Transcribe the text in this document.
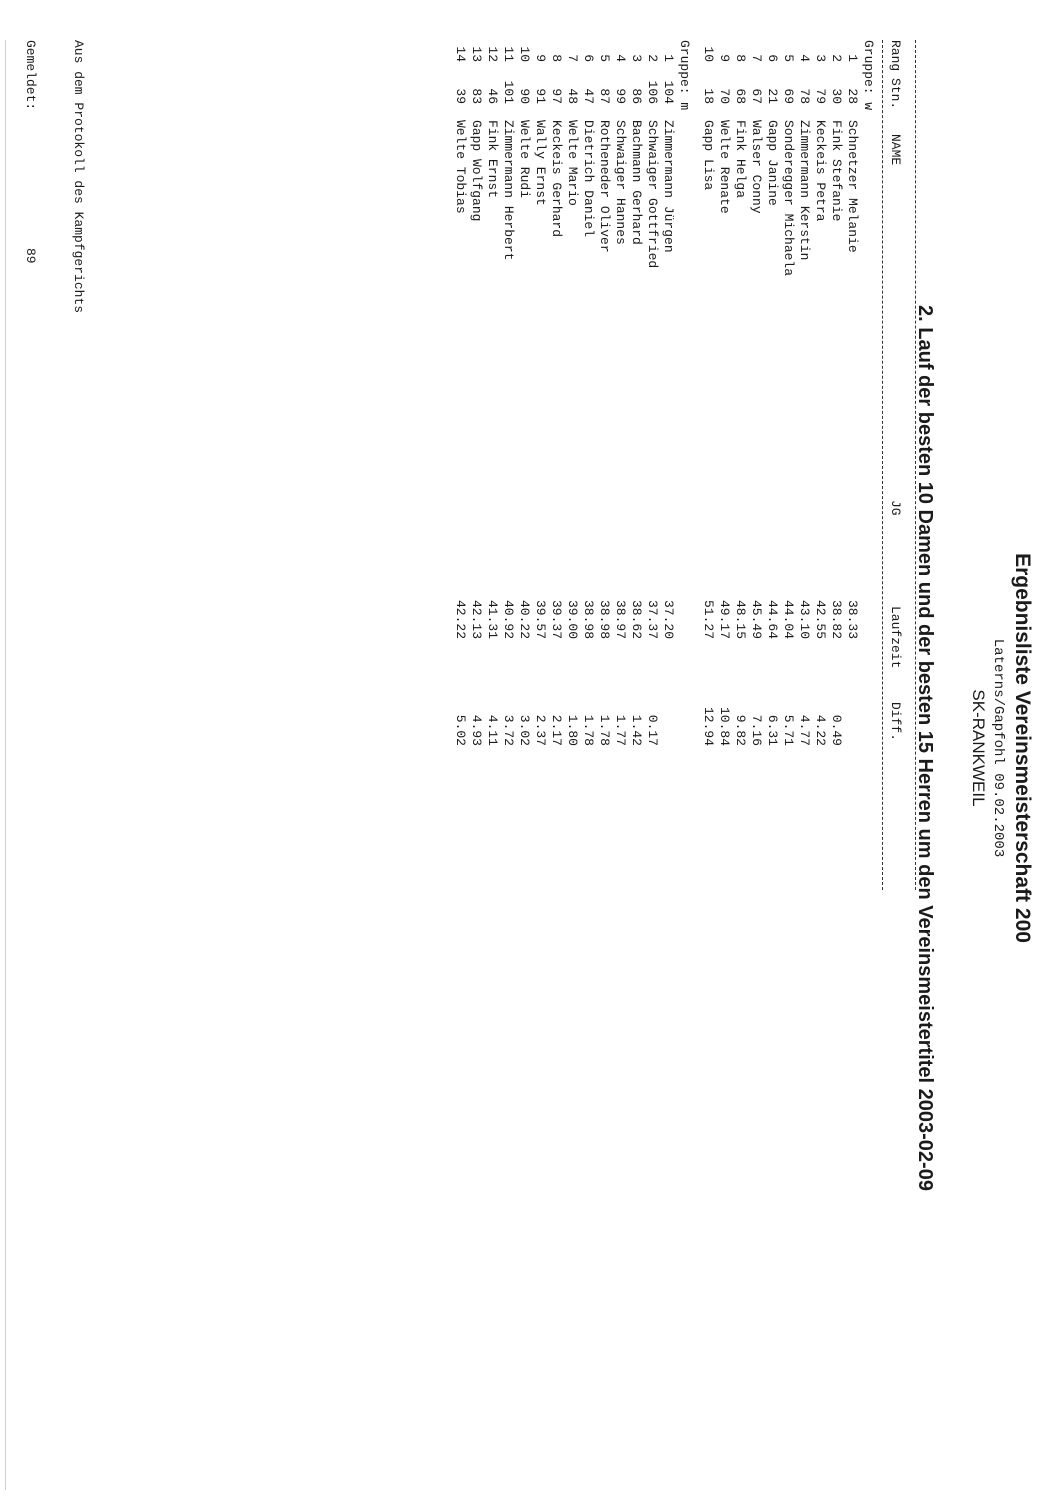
Ergebnisliste Vereinsmeisterschaft 200
Laterns/Gapfohl 09.02.2003
SK-RANKWEIL
2. Lauf der besten 10 Damen und der besten 15 Herren um den Vereinsmeistertitel 2003-02-09

Rang

Stn.

NAME

JG

Laufzeit

Diff.

Gruppe: w
1
28
Schnetzer Melanie
38.33
2
30
Fink Stefanie
38.82
0.49
3
79
Keckeis Petra
42.55
4.22
4
78
Zimmermann Kerstin
43.10
4.77
5
69
Sonderegger Michaela
44.04
5.71
6
21
Gapp Janine
44.64
6.31
7
67
Walser Conny
45.49
7.16
8
68
Fink Helga
48.15
9.82
9
70
Welte Renate
49.17
10.84
10
18
Gapp Lisa
51.27
12.94
Gruppe: m
1
104
Zimmermann Jürgen
37.20
2
106
Schwaiger Gottfried
37.37
0.17
3
86
Bachmann Gerhard
38.62
1.42
4
99
Schwaiger Hannes
38.97
1.77
5
87
Rotheneder Oliver
38.98
1.78
6
47
Dietrich Daniel
38.98
1.78
7
48
Welte Mario
39.00
1.80
8
97
Keckeis Gerhard
39.37
2.17
9
91
Wally Ernst
39.57
2.37
10
90
Welte Rudi
40.22
3.02
11
101
Zimmermann Herbert
40.92
3.72
12
46
Fink Ernst
41.31
4.11
13
83
Gapp Wolfgang
42.13
4.93
14
39
Welte Tobias
42.22
5.02

Aus dem Protokoll des Kampfgerichts

Gemeldet:

89
